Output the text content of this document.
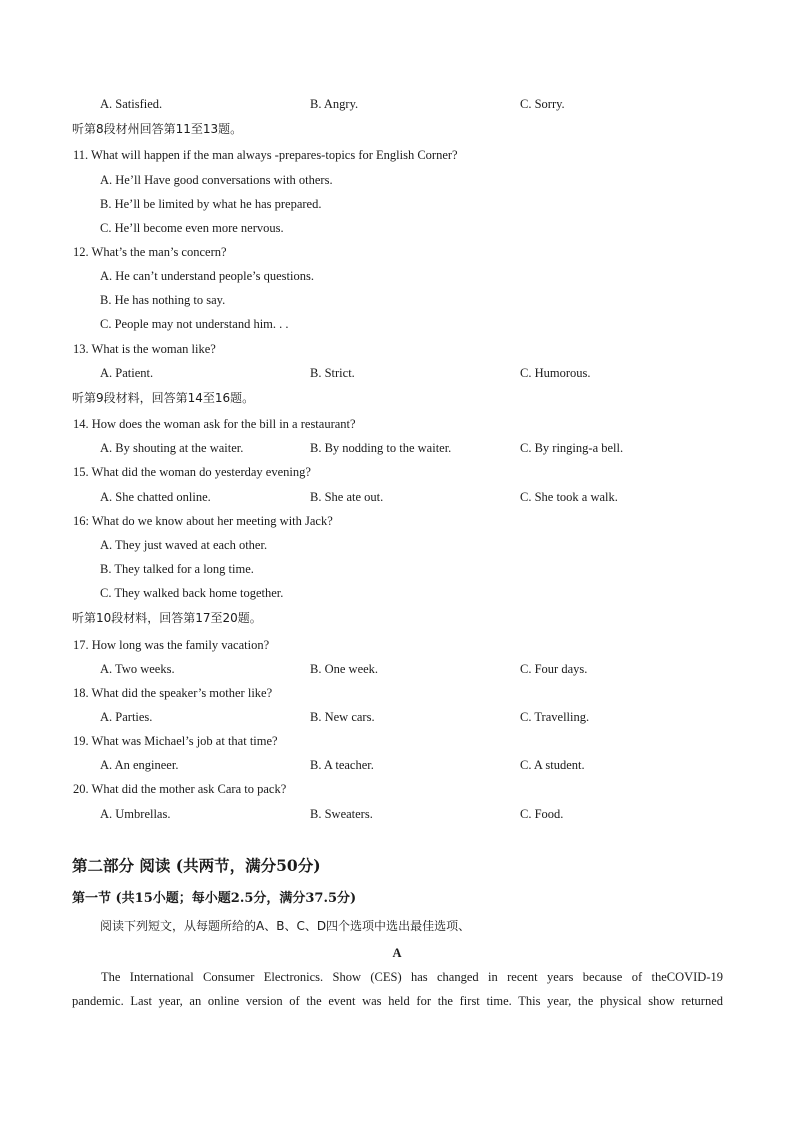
A. Satisfied.	B. Angry.	C. Sorry.
听第8段材州回答第11至13题。
11. What will happen if the man always -prepares-topics for English Corner?
A. He’ll Have good conversations with others.
B. He’ll be limited by what he has prepared.
C. He’ll become even more nervous.
12. What’s the man’s concern?
A. He can’t understand people’s questions.
B. He has nothing to say.
C. People may not understand him. . .
13. What is the woman like?
A. Patient.	B. Strict.	C. Humorous.
听第9段材料，回答第14至16题。
14. How does the woman ask for the bill in a restaurant?
A. By shouting at the waiter.	B. By nodding to the waiter.	C. By ringing-a bell.
15. What did the woman do yesterday evening?
A. She chatted online.	B. She ate out.	C. She took a walk.
16: What do we know about her meeting with Jack?
A. They just waved at each other.
B. They talked for a long time.
C. They walked back home together.
听第10段材料，回答第17至20题。
17. How long was the family vacation?
A. Two weeks.	B. One week.	C. Four days.
18. What did the speaker’s mother like?
A. Parties.	B. New cars.	C. Travelling.
19. What was Michael’s job at that time?
A. An engineer.	B. A teacher.	C. A student.
20. What did the mother ask Cara to pack?
A. Umbrellas.	B. Sweaters.	C. Food.
第二部分 阅读 (共两节，满分50分)
第一节 (共15小题；每小题2.5分，满分37.5分)
阅读下列短文，从每题所给的A、B、C、D四个选项中选出最佳选项、
A
The International Consumer Electronics. Show (CES) has changed in recent years because of theCOVID-19
pandemic. Last year, an online version of the event was held for the first time. This year, the physical show returned
